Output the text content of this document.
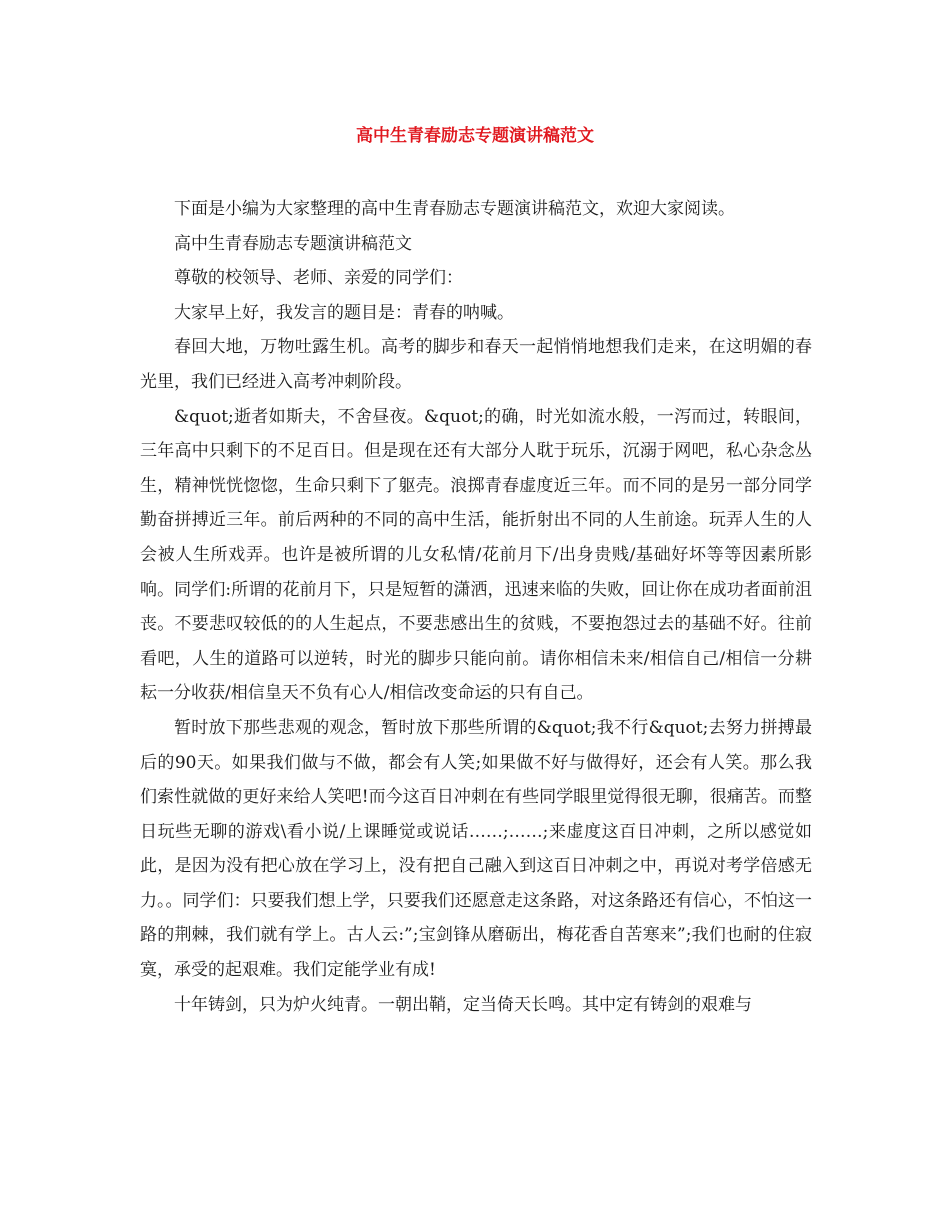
高中生青春励志专题演讲稿范文

下面是小编为大家整理的高中生青春励志专题演讲稿范文，欢迎大家阅读。

高中生青春励志专题演讲稿范文

尊敬的校领导、老师、亲爱的同学们：

大家早上好，我发言的题目是：青春的呐喊。

春回大地，万物吐露生机。高考的脚步和春天一起悄悄地想我们走来，在这明媚的春光里，我们已经进入高考冲刺阶段。

&quot;逝者如斯夫，不舍昼夜。&quot;的确，时光如流水般，一泻而过，转眼间，三年高中只剩下的不足百日。但是现在还有大部分人耽于玩乐，沉溺于网吧，私心杂念丛生，精神恍恍惚惚，生命只剩下了躯壳。浪掷青春虚度近三年。而不同的是另一部分同学勤奋拼搏近三年。前后两种的不同的高中生活，能折射出不同的人生前途。玩弄人生的人会被人生所戏弄。也许是被所谓的儿女私情/花前月下/出身贵贱/基础好坏等等因素所影响。同学们:所谓的花前月下，只是短暂的潇洒，迅速来临的失败，回让你在成功者面前沮丧。不要悲叹较低的的人生起点，不要悲感出生的贫贱，不要抱怨过去的基础不好。往前看吧，人生的道路可以逆转，时光的脚步只能向前。请你相信未来/相信自己/相信一分耕耘一分收获/相信皇天不负有心人/相信改变命运的只有自己。

暂时放下那些悲观的观念，暂时放下那些所谓的&quot;我不行&quot;去努力拼搏最后的90天。如果我们做与不做，都会有人笑;如果做不好与做得好，还会有人笑。那么我们索性就做的更好来给人笑吧!而今这百日冲刺在有些同学眼里觉得很无聊，很痛苦。而整日玩些无聊的游戏\看小说/上课睡觉或说话……;……;来虚度这百日冲刺，之所以感觉如此，是因为没有把心放在学习上，没有把自己融入到这百日冲刺之中，再说对考学倍感无力。。同学们：只要我们想上学，只要我们还愿意走这条路，对这条路还有信心，不怕这一路的荆棘，我们就有学上。古人云:”;宝剑锋从磨砺出，梅花香自苦寒来”;我们也耐的住寂寞，承受的起艰难。我们定能学业有成!

十年铸剑，只为炉火纯青。一朝出鞘，定当倚天长鸣。其中定有铸剑的艰难与
